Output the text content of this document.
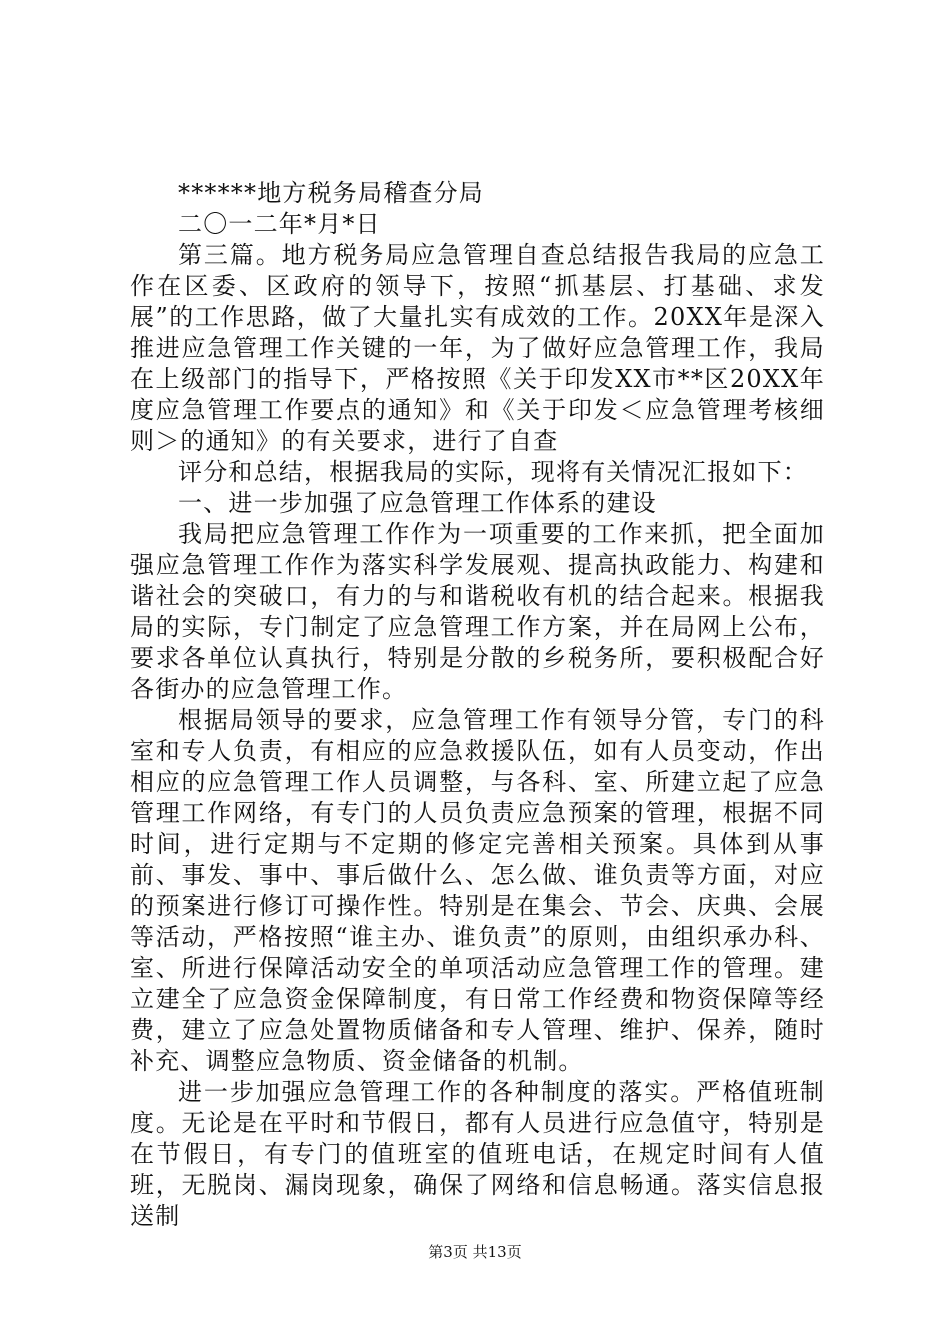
******地方税务局稽查分局

二〇一二年*月*日

第三篇。地方税务局应急管理自查总结报告我局的应急工作在区委、区政府的领导下，按照“抓基层、打基础、求发展”的工作思路，做了大量扎实有成效的工作。20XX年是深入推进应急管理工作关键的一年，为了做好应急管理工作，我局在上级部门的指导下，严格按照《关于印发XX市**区20XX年度应急管理工作要点的通知》和《关于印发＜应急管理考核细则＞的通知》的有关要求，进行了自查

评分和总结，根据我局的实际，现将有关情况汇报如下：

一、进一步加强了应急管理工作体系的建设

我局把应急管理工作作为一项重要的工作来抓，把全面加强应急管理工作作为落实科学发展观、提高执政能力、构建和谐社会的突破口，有力的与和谐税收有机的结合起来。根据我局的实际，专门制定了应急管理工作方案，并在局网上公布，要求各单位认真执行，特别是分散的乡税务所，要积极配合好各街办的应急管理工作。

根据局领导的要求，应急管理工作有领导分管，专门的科室和专人负责，有相应的应急救援队伍，如有人员变动，作出相应的应急管理工作人员调整，与各科、室、所建立起了应急管理工作网络，有专门的人员负责应急预案的管理，根据不同时间，进行定期与不定期的修定完善相关预案。具体到从事前、事发、事中、事后做什么、怎么做、谁负责等方面，对应的预案进行修订可操作性。特别是在集会、节会、庆典、会展等活动，严格按照“谁主办、谁负责”的原则，由组织承办科、室、所进行保障活动安全的单项活动应急管理工作的管理。建立建全了应急资金保障制度，有日常工作经费和物资保障等经费，建立了应急处置物质储备和专人管理、维护、保养，随时补充、调整应急物质、资金储备的机制。

进一步加强应急管理工作的各种制度的落实。严格值班制度。无论是在平时和节假日，都有人员进行应急值守，特别是在节假日，有专门的值班室的值班电话，在规定时间有人值班，无脱岗、漏岗现象，确保了网络和信息畅通。落实信息报送制

第3页 共13页
